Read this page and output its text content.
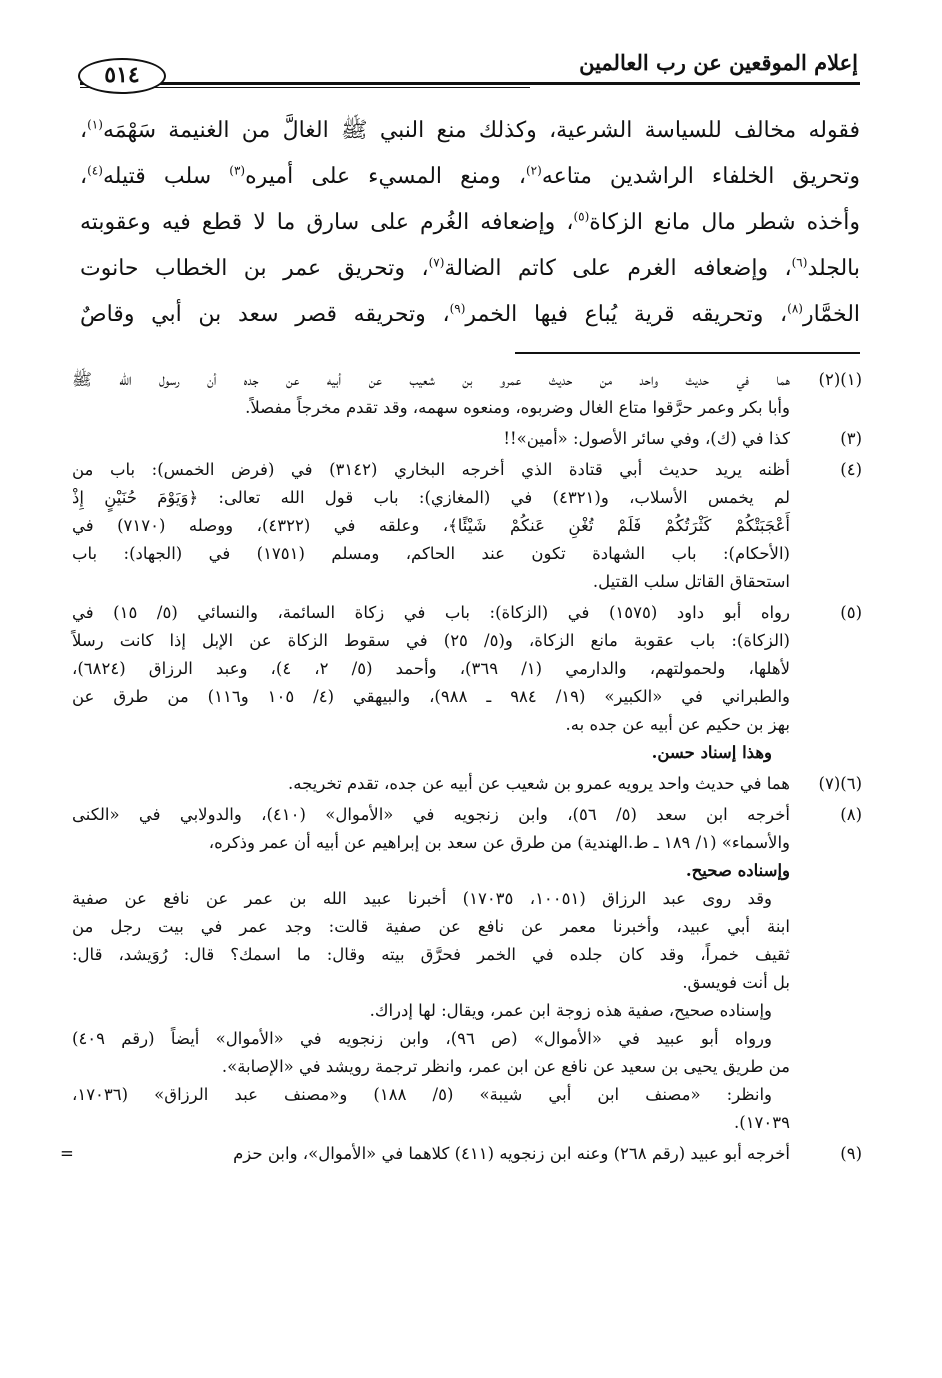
إعلام الموقعين عن رب العالمين
٥١٤

فقوله مخالف للسياسة الشرعية، وكذلك منع النبي ﷺ الغالَّ من الغنيمة سَهْمَه$^{(١)}$،

وتحريق الخلفاء الراشدين متاعه$^{(٢)}$، ومنع المسيء على أميره$^{(٣)}$ سلب قتيله$^{(٤)}$،

وأخذه شطر مال مانع الزكاة$^{(٥)}$، وإضعافه الغُرم على سارق ما لا قطع فيه وعقوبته

بالجلد$^{(٦)}$، وإضعافه الغرم على كاتم الضالة$^{(٧)}$، وتحريق عمر بن الخطاب حانوت

الخمَّار$^{(٨)}$، وتحريقه قرية يُباع فيها الخمر$^{(٩)}$، وتحريقه قصر سعد بن أبي وقاصٌ

(١)(٢)
هما في حديث واحد من حديث عمرو بن شعيب عن أبيه عن جده أن رسول الله ﷺ
وأبا بكر وعمر حرَّقوا متاع الغال وضربوه، ومنعوه سهمه، وقد تقدم مخرجاً مفصلاً.
(٣)
كذا في (ك)، وفي سائر الأصول: «أمين»!!
(٤)
أظنه يريد حديث أبي قتادة الذي أخرجه البخاري (٣١٤٢) في (فرض الخمس): باب من
لم يخمس الأسلاب، و(٤٣٢١) في (المغازي): باب قول الله تعالى: ﴿وَيَوْمَ حُنَيْنٍ إِذْ
أَعْجَبَتْكُمْ كَثْرَتُكُمْ فَلَمْ تُغْنِ عَنكُمْ شَيْئًا﴾، وعلقه في (٤٣٢٢)، ووصله (٧١٧٠) في
(الأحكام): باب الشهادة تكون عند الحاكم، ومسلم (١٧٥١) في (الجهاد): باب
استحقاق القاتل سلب القتيل.
(٥)
رواه أبو داود (١٥٧٥) في (الزكاة): باب في زكاة السائمة، والنسائي (٥/ ١٥) في
(الزكاة): باب عقوبة مانع الزكاة، و(٥/ ٢٥) في سقوط الزكاة عن الإبل إذا كانت رسلاً
لأهلها، ولحمولتهم، والدارمي (١/ ٣٦٩)، وأحمد (٥/ ٢، ٤)، وعبد الرزاق (٦٨٢٤)،
والطبراني في «الكبير» (١٩/ ٩٨٤ ـ ٩٨٨)، والبيهقي (٤/ ١٠٥ و١١٦) من طرق عن
بهز بن حكيم عن أبيه عن جده به.
وهذا إسناد حسن.
(٦)(٧)
هما في حديث واحد يرويه عمرو بن شعيب عن أبيه عن جده، تقدم تخريجه.
(٨)
أخرجه ابن سعد (٥/ ٥٦)، وابن زنجويه في «الأموال» (٤١٠)، والدولابي في «الكنى
والأسماء» (١/ ١٨٩ ـ ط.الهندية) من طرق عن سعد بن إبراهيم عن أبيه أن عمر وذكره،
وإسناده صحيح.
وقد روى عبد الرزاق (١٠٠٥١، ١٧٠٣٥) أخبرنا عبيد الله بن عمر عن نافع عن صفية
ابنة أبي عبيد، وأخبرنا معمر عن نافع عن صفية قالت: وجد عمر في بيت رجل من
ثقيف خمراً، وقد كان جلده في الخمر فحرَّق بيته وقال: ما اسمك؟ قال: رُوَيشد، قال:
بل أنت فويسق.
وإسناده صحيح، صفية هذه زوجة ابن عمر، ويقال: لها إدراك.
ورواه أبو عبيد في «الأموال» (ص ٩٦)، وابن زنجويه في «الأموال» أيضاً (رقم ٤٠٩)
من طريق يحيى بن سعيد عن نافع عن ابن عمر، وانظر ترجمة رويشد في «الإصابة».
وانظر: «مصنف ابن أبي شيبة» (٥/ ١٨٨) و«مصنف عبد الرزاق» (١٧٠٣٦،
١٧٠٣٩).
(٩)
أخرجه أبو عبيد (رقم ٢٦٨) وعنه ابن زنجويه (٤١١) كلاهما في «الأموال»، وابن حزم
=
